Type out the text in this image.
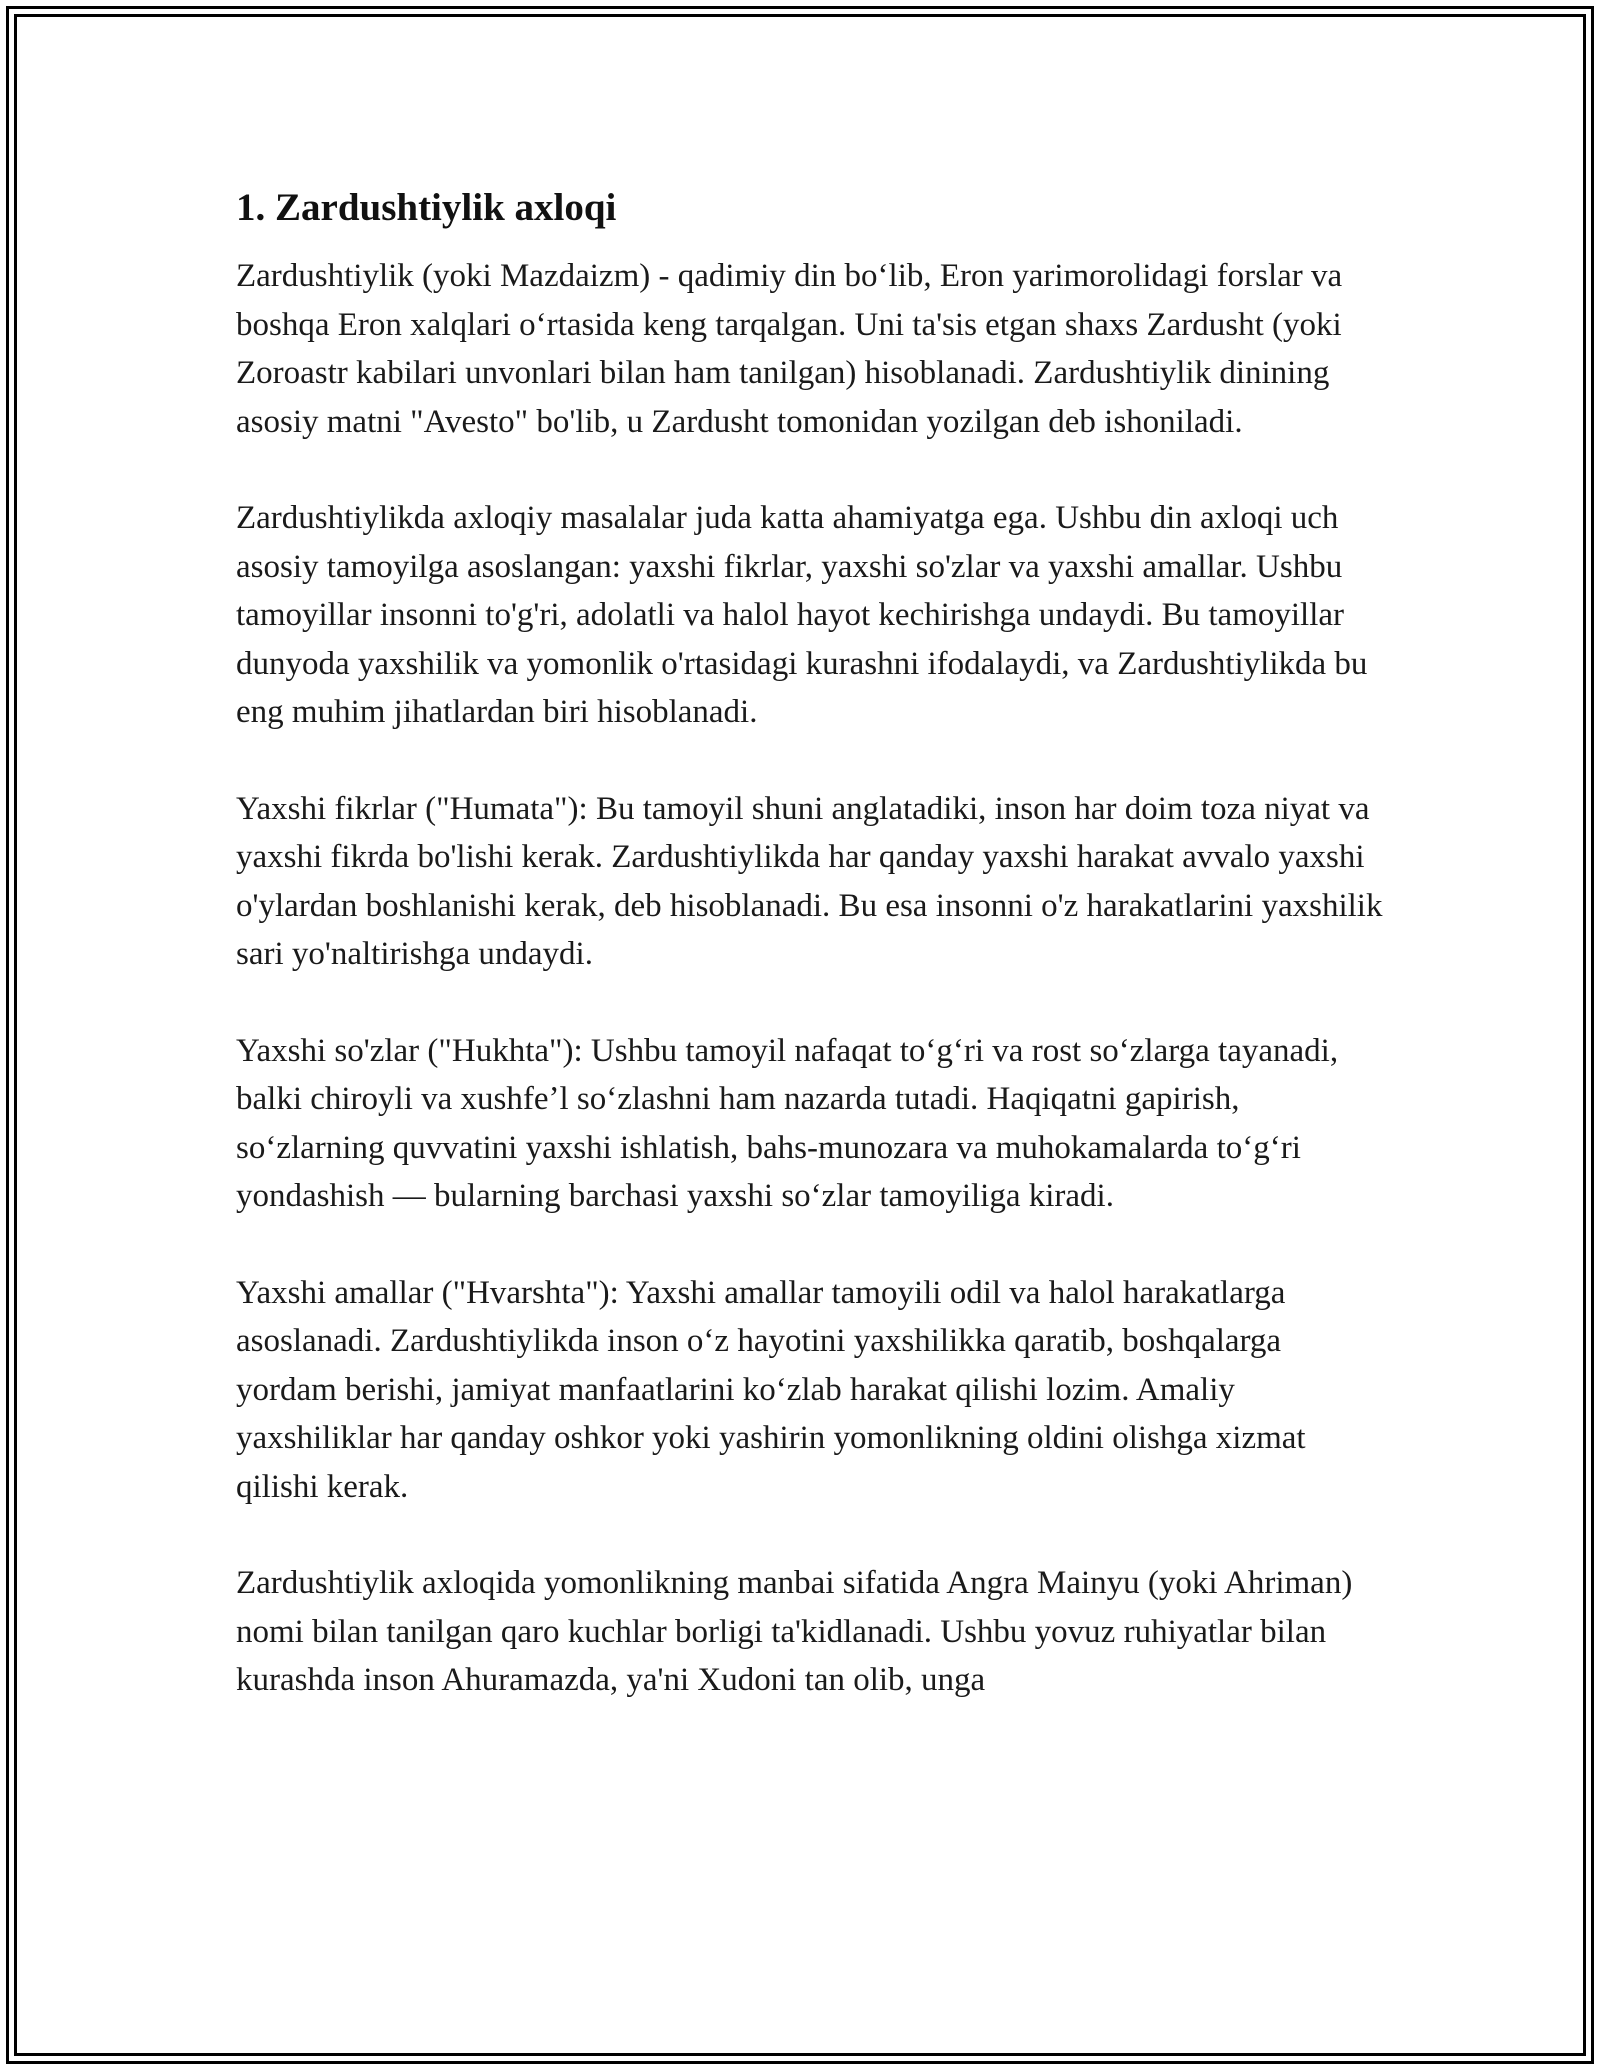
1. Zardushtiylik axloqi

Zardushtiylik (yoki Mazdaizm) - qadimiy din boʻlib, Eron yarimorolidagi forslar va boshqa Eron xalqlari oʻrtasida keng tarqalgan. Uni ta'sis etgan shaxs Zardusht (yoki Zoroastr kabilari unvonlari bilan ham tanilgan) hisoblanadi. Zardushtiylik dinining asosiy matni "Avesto" bo'lib, u Zardusht tomonidan yozilgan deb ishoniladi.

Zardushtiylikda axloqiy masalalar juda katta ahamiyatga ega. Ushbu din axloqi uch asosiy tamoyilga asoslangan: yaxshi fikrlar, yaxshi so'zlar va yaxshi amallar. Ushbu tamoyillar insonni to'g'ri, adolatli va halol hayot kechirishga undaydi. Bu tamoyillar dunyoda yaxshilik va yomonlik o'rtasidagi kurashni ifodalaydi, va Zardushtiylikda bu eng muhim jihatlardan biri hisoblanadi.

Yaxshi fikrlar ("Humata"): Bu tamoyil shuni anglatadiki, inson har doim toza niyat va yaxshi fikrda bo'lishi kerak. Zardushtiylikda har qanday yaxshi harakat avvalo yaxshi o'ylardan boshlanishi kerak, deb hisoblanadi. Bu esa insonni o'z harakatlarini yaxshilik sari yo'naltirishga undaydi.

Yaxshi so'zlar ("Hukhta"): Ushbu tamoyil nafaqat toʻgʻri va rost soʻzlarga tayanadi, balki chiroyli va xushfeʼl soʻzlashni ham nazarda tutadi. Haqiqatni gapirish, soʻzlarning quvvatini yaxshi ishlatish, bahs-munozara va muhokamalarda toʻgʻri yondashish — bularning barchasi yaxshi soʻzlar tamoyiliga kiradi.

Yaxshi amallar ("Hvarshta"): Yaxshi amallar tamoyili odil va halol harakatlarga asoslanadi. Zardushtiylikda inson oʻz hayotini yaxshilikka qaratib, boshqalarga yordam berishi, jamiyat manfaatlarini koʻzlab harakat qilishi lozim. Amaliy yaxshiliklar har qanday oshkor yoki yashirin yomonlikning oldini olishga xizmat qilishi kerak.

Zardushtiylik axloqida yomonlikning manbai sifatida Angra Mainyu (yoki Ahriman) nomi bilan tanilgan qaro kuchlar borligi ta'kidlanadi. Ushbu yovuz ruhiyatlar bilan kurashda inson Ahuramazda, ya'ni Xudoni tan olib, unga
